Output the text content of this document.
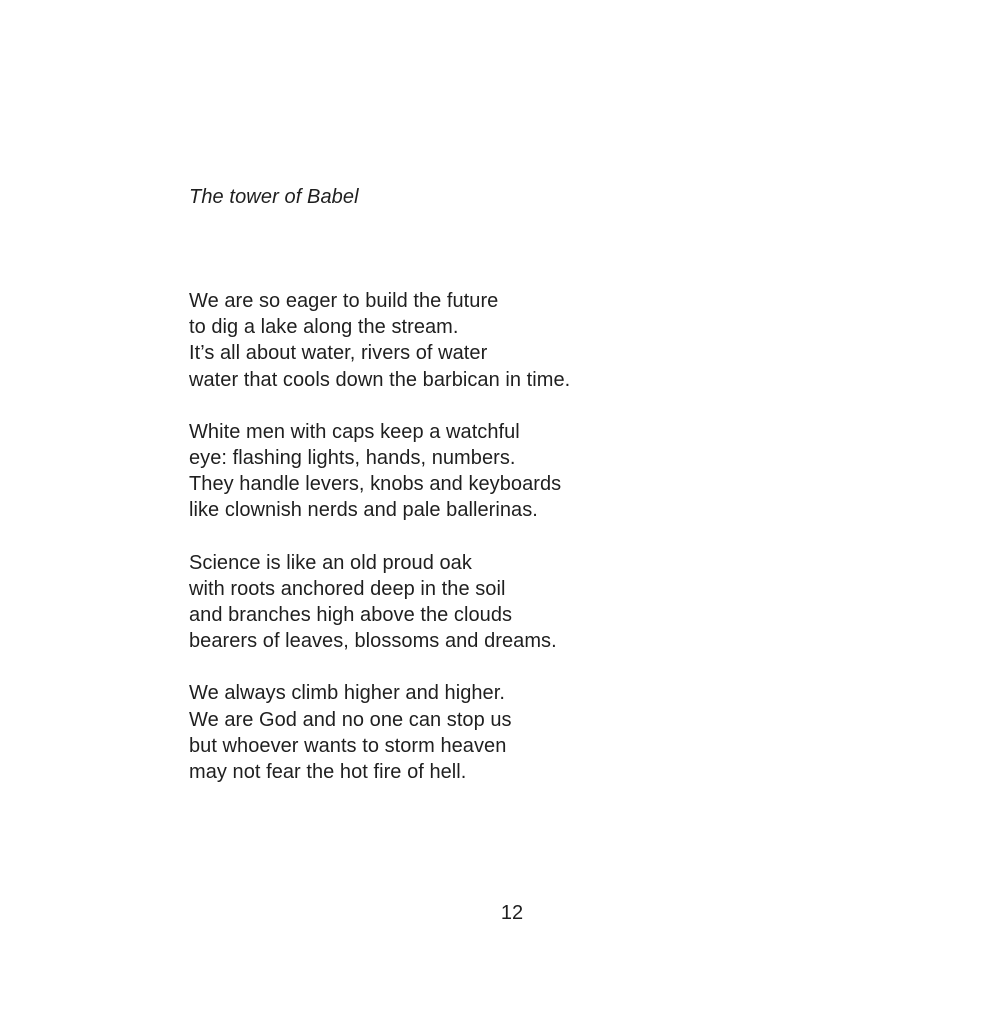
The tower of Babel
We are so eager to build the future
to dig a lake along the stream.
It’s all about water, rivers of water
water that cools down the barbican in time.
White men with caps keep a watchful
eye: flashing lights, hands, numbers.
They handle levers, knobs and keyboards
like clownish nerds and pale ballerinas.
Science is like an old proud oak
with roots anchored deep in the soil
and branches high above the clouds
bearers of leaves, blossoms and dreams.
We always climb higher and higher.
We are God and no one can stop us
but whoever wants to storm heaven
may not fear the hot fire of hell.
12
